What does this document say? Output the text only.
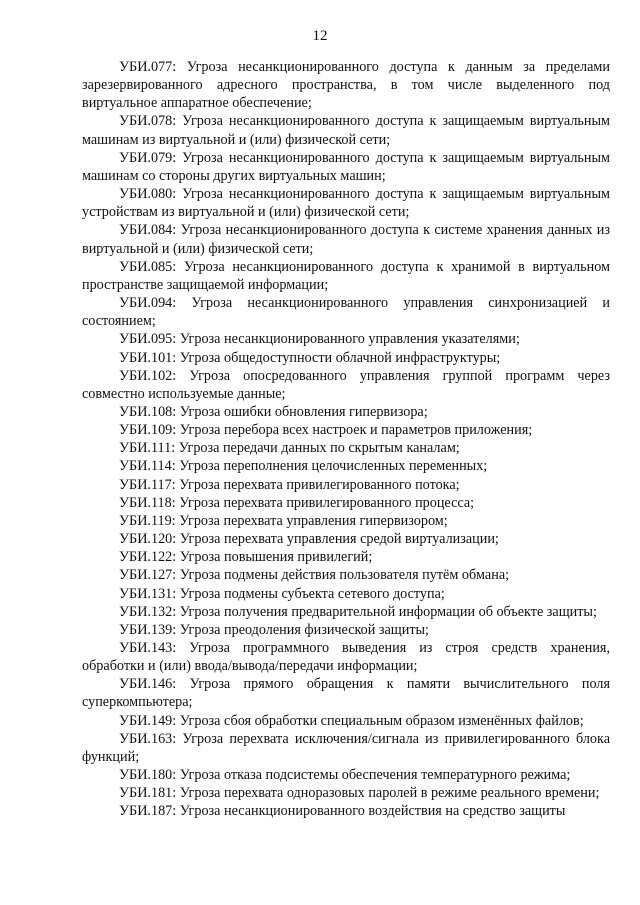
12

УБИ.077: Угроза несанкционированного доступа к данным за пределами зарезервированного адресного пространства, в том числе выделенного под виртуальное аппаратное обеспечение;

УБИ.078: Угроза несанкционированного доступа к защищаемым виртуальным машинам из виртуальной и (или) физической сети;

УБИ.079: Угроза несанкционированного доступа к защищаемым виртуальным машинам со стороны других виртуальных машин;

УБИ.080: Угроза несанкционированного доступа к защищаемым виртуальным устройствам из виртуальной и (или) физической сети;

УБИ.084: Угроза несанкционированного доступа к системе хранения данных из виртуальной и (или) физической сети;

УБИ.085: Угроза несанкционированного доступа к хранимой в виртуальном пространстве защищаемой информации;

УБИ.094: Угроза несанкционированного управления синхронизацией и состоянием;

УБИ.095: Угроза несанкционированного управления указателями;

УБИ.101: Угроза общедоступности облачной инфраструктуры;

УБИ.102: Угроза опосредованного управления группой программ через совместно используемые данные;

УБИ.108: Угроза ошибки обновления гипервизора;

УБИ.109: Угроза перебора всех настроек и параметров приложения;

УБИ.111: Угроза передачи данных по скрытым каналам;

УБИ.114: Угроза переполнения целочисленных переменных;

УБИ.117: Угроза перехвата привилегированного потока;

УБИ.118: Угроза перехвата привилегированного процесса;

УБИ.119: Угроза перехвата управления гипервизором;

УБИ.120: Угроза перехвата управления средой виртуализации;

УБИ.122: Угроза повышения привилегий;

УБИ.127: Угроза подмены действия пользователя путём обмана;

УБИ.131: Угроза подмены субъекта сетевого доступа;

УБИ.132: Угроза получения предварительной информации об объекте защиты;

УБИ.139: Угроза преодоления физической защиты;

УБИ.143: Угроза программного выведения из строя средств хранения, обработки и (или) ввода/вывода/передачи информации;

УБИ.146: Угроза прямого обращения к памяти вычислительного поля суперкомпьютера;

УБИ.149: Угроза сбоя обработки специальным образом изменённых файлов;

УБИ.163: Угроза перехвата исключения/сигнала из привилегированного блока функций;

УБИ.180: Угроза отказа подсистемы обеспечения температурного режима;

УБИ.181: Угроза перехвата одноразовых паролей в режиме реального времени;

УБИ.187: Угроза несанкционированного воздействия на средство защиты
